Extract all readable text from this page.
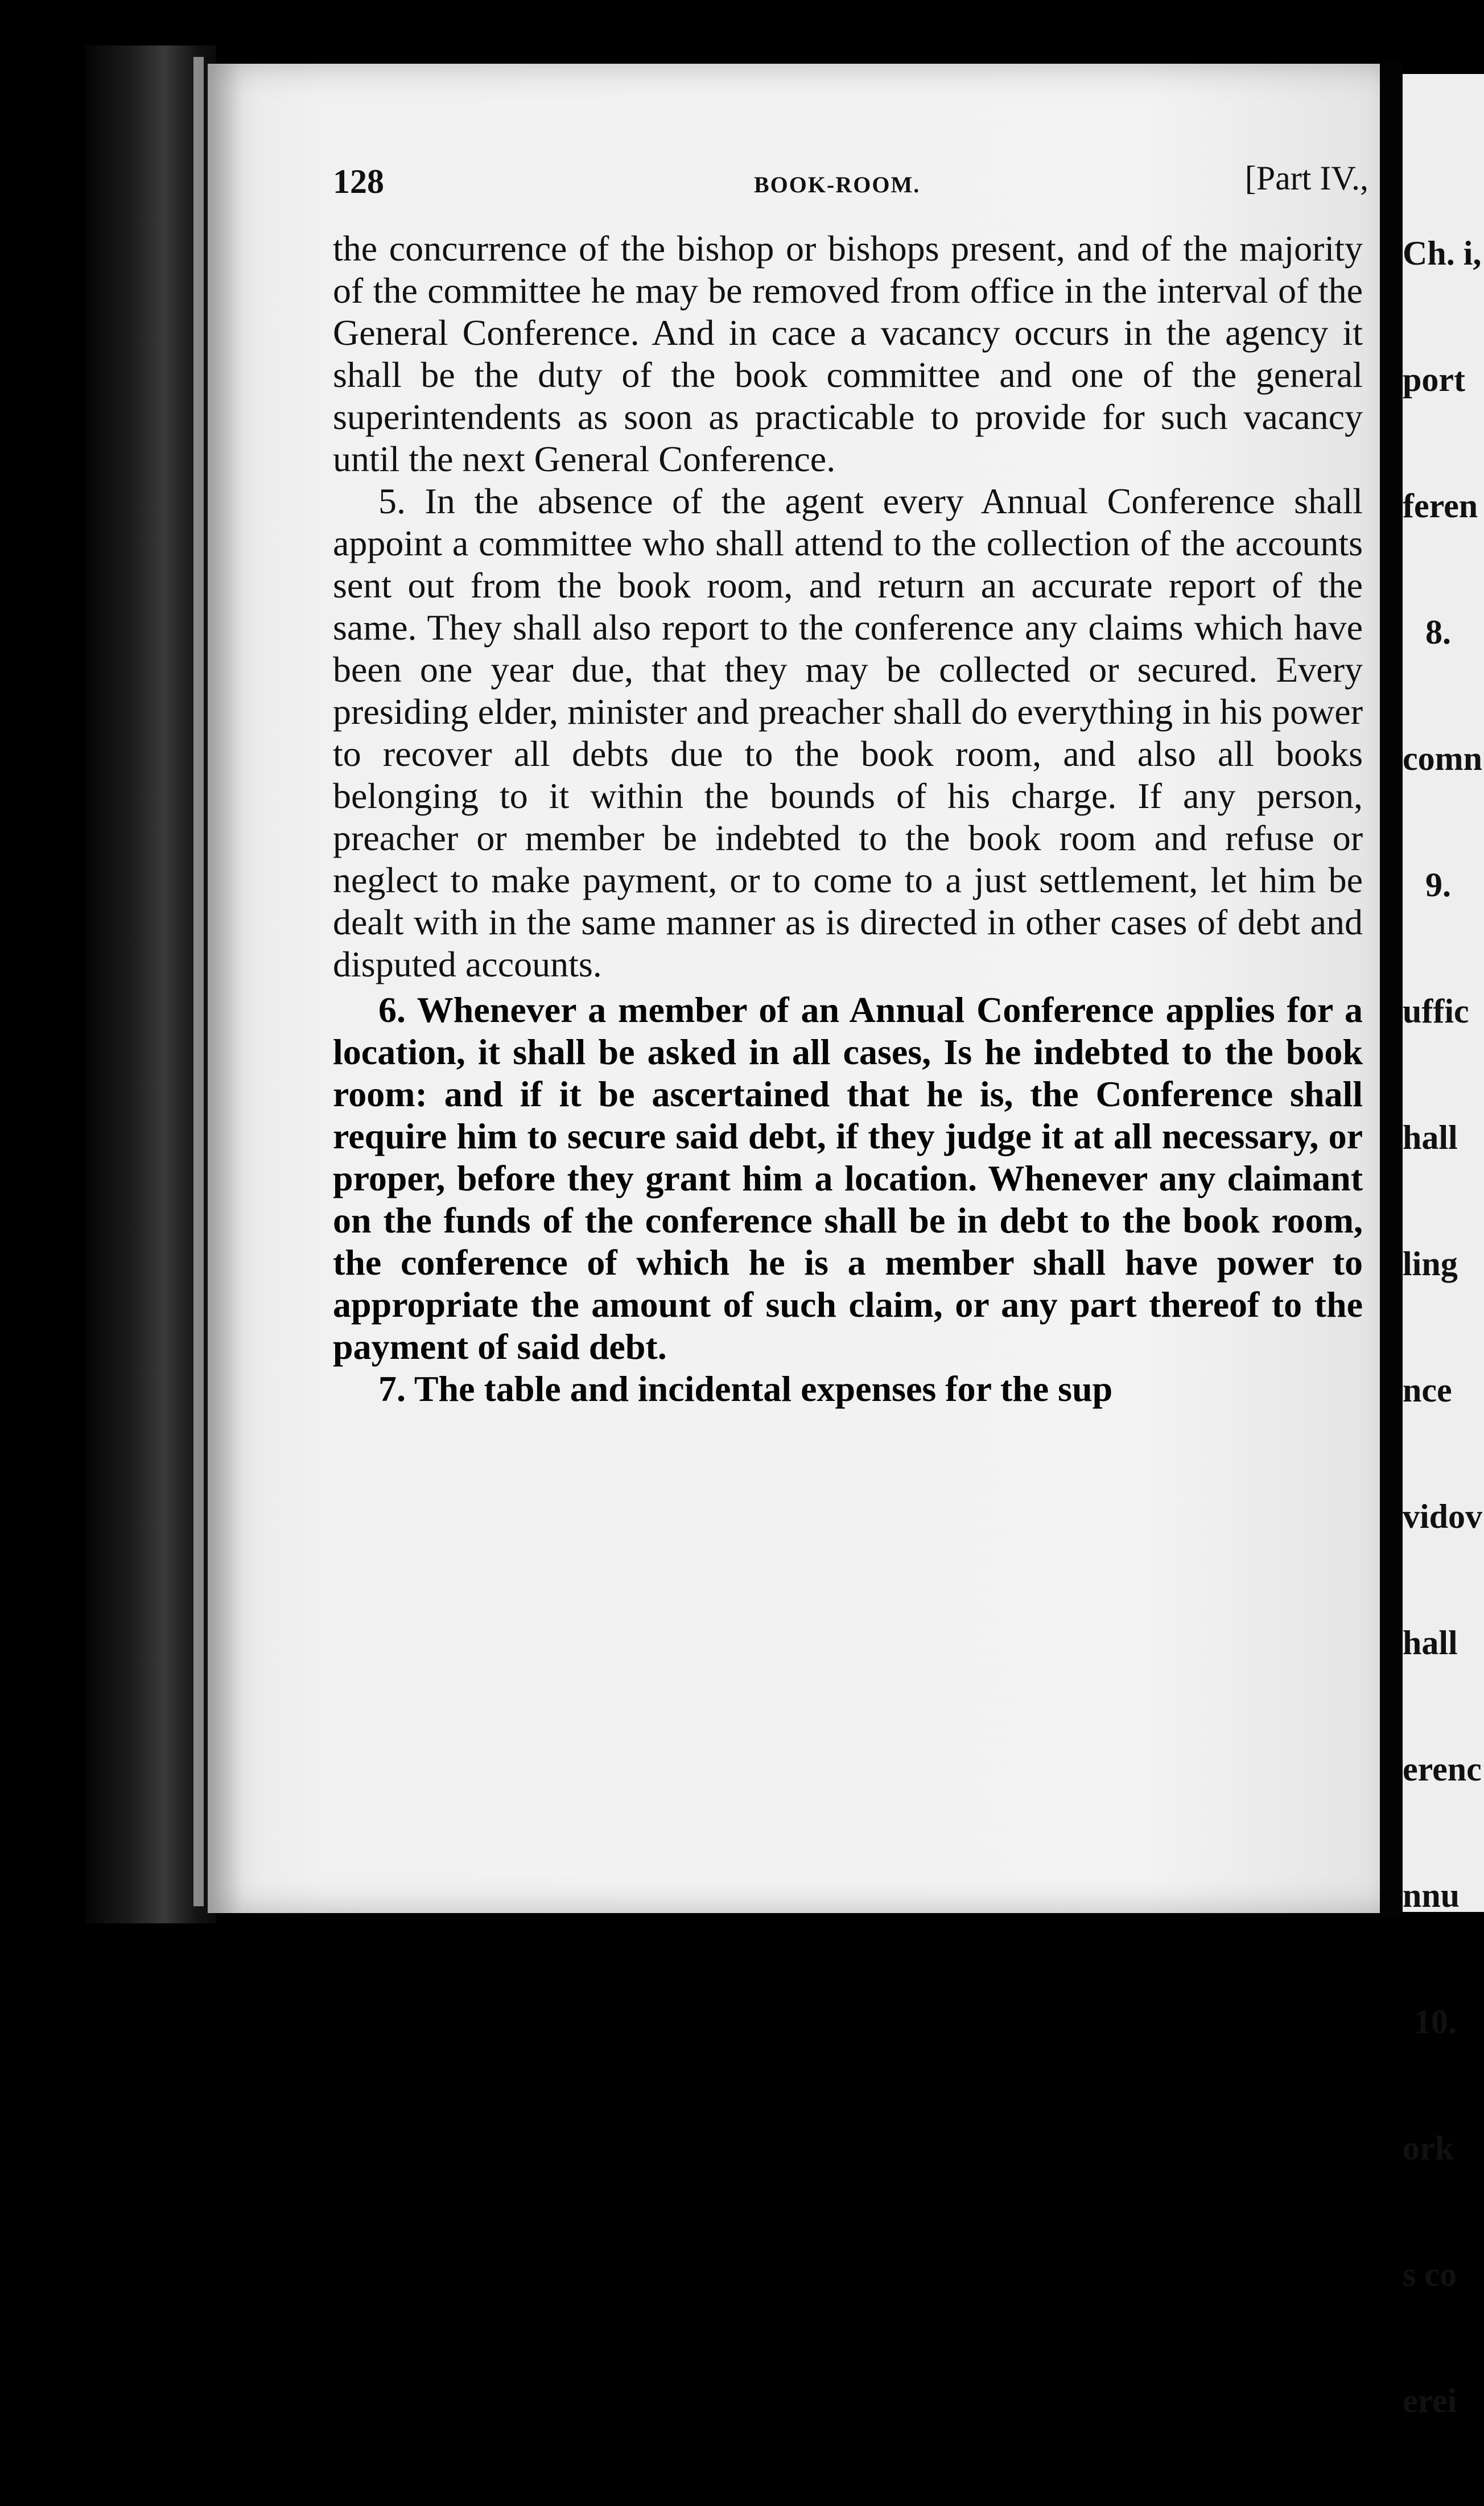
128	BOOK-ROOM.	[Part IV.,

the concurrence of the bishop or bishops present, and of the majority of the committee he may be removed from office in the interval of the General Conference. And in cace a vacancy occurs in the agency it shall be the duty of the book committee and one of the general superintendents as soon as practicable to provide for such vacancy until the next General Conference.

5. In the absence of the agent every Annual Conference shall appoint a committee who shall attend to the collection of the accounts sent out from the book room, and return an accurate report of the same. They shall also report to the conference any claims which have been one year due, that they may be collected or secured. Every presiding elder, minister and preacher shall do everything in his power to recover all debts due to the book room, and also all books belonging to it within the bounds of his charge. If any person, preacher or member be indebted to the book room and refuse or neglect to make payment, or to come to a just settlement, let him be dealt with in the same manner as is directed in other cases of debt and disputed accounts.

6. Whenever a member of an Annual Conference applies for a location, it shall be asked in all cases, Is he indebted to the book room: and if it be ascertained that he is, the Conference shall require him to secure said debt, if they judge it at all necessary, or proper, before they grant him a location. Whenever any claimant on the funds of the conference shall be in debt to the book room, the conference of which he is a member shall have power to appropriate the amount of such claim, or any part thereof to the payment of said debt.

7. The table and incidental expenses for the sup

Ch. i,

port

feren

8.

comn

9.

uffic

hall

ling

nce

vidov

hall

erenc

nnu

10.

ork

s co

erei
